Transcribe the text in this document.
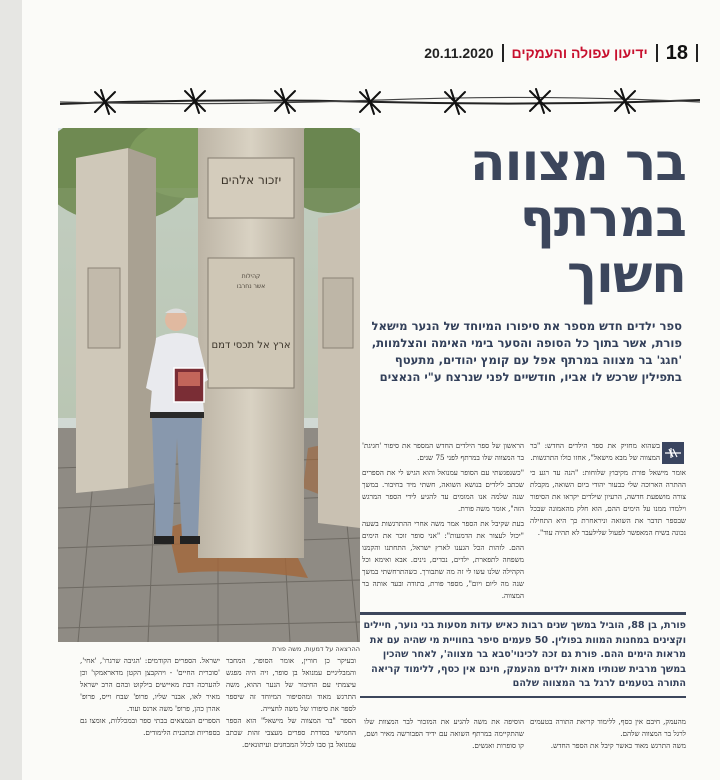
18
ידיעון עפולה והעמקים
20.11.2020
יזכור אלהים
קהילות
אשר נחרבו
ארץ אל תכסי דמם
ההרצאה על דמעות, משה פורת
בר מצווה
במרתף
חשוך
ספר ילדים חדש מספר את סיפורו המיוחד של הנער מישאל פורת, אשר בתוך כל הסופה והסער בימי האימה והצלמוות, 'חגג' בר מצווה במרתף אפל עם קומץ יהודים, מתעטף בתפילין שרכש לו אביו, חודשיים לפני שנרצח ע"י הנאצים

בשהוא מחזיק את ספר הילדים החדש: "בר המצווה של מבא מישאל", אחזו כולו התרגשות.

אומר מישאל פורת מקיבוץ שלוחות: "הנה עד רגע כי ההתרה הארוכה שלי כבעור יהודי ביום השואה, מקבלת צורה מושפעת חדשה, הרעיון שילדים יקראו את הסיפור וילמדו ממנו על הימים ההם, הוא חלק מהאמונה שבכל שבספר תדבר את השואה וניראחרת כך היא התחילה נכונה בשיח המאפשר לפעול שלילעבר לא תהיה עוד".

הראשון של ספר הילדים החדש המספר את סיפור 'חגיגת' בר המצווה שלו במרתף לפני 75 שנים.

"כשנפגשתי עם הסופר עמנואל והוא הגיש לי את הספרים שכתב לילדים בנושא השואה, חשתי מיד בחיבור. במשך שנה שלמה אנו המומים עד להגיע לידי הספר המרגש הזה", אומר משה פורת.

בעת שקיבל את הספר אמר משה אחרי ההתרגשות בשעה "יכול לעצור את הדמעות": "אני סופר זוכר את הימים ההם. לזהות הכל הגענו לארץ ישראל, התחתנו והקמנו משפחה לתפארת, ילדים, נכדים, נינים. אבא ואימא וכל הקהילה שלנו עשו לי זה מה שתבורך. כשהתרחשתי במשך שנה מה ליום ויום", מספר פורת, בתודה ובעד אותה בר המצווה.

פורת, בן 88, הוביל במשך שנים רבות כאיש עדות מסעות בני נוער, חיילים וקצינים במחנות המוות בפולין. 50 פעמים סיפר בחוויית מי שהיה עם את מראות הימים ההם. פורת גם זכה לכינוי'סבא בר מצווה', לאחר שהכין במשך מרבית שנותיו מאות ילדים מהעמק, חינם אין כסף, ללימוד קריאה התורה בטעמים לרגל בר המצווה שלהם

מהעמק, חיבם אין כסף, ללימוד קריאת התורה בטעמים לרגל בר המצווה שלהם.

משה התרגש מאוד כאשר קיבל את הספר החדש.

הוסיפה את משה להגיע את המזכור לבר המצוות שלו שהתקיימה במרתף השואה עם ידיד הפבורשה מאיר ושם, קו סופרות ואנשים.

ובעיקר כן חורין, אומר הסופר, המחבר והמבליגיים עמנואל בן סופר, זיה היה מפגש עיצמתי עם החיבור של הנער ההוא, משה התרגש מאוד ומהסיפור המיוחד זה שיספר לספר את סיפורו של משה לחצייה.

הספר "בר המצווה של מישאל" הוא הספר החמישי בסדרת ספרים מעצבי זהות שכתב עמנואל בן סבו לכלל המבחנים ועיתונאים.

ישראל. הספרים הקודמים: 'הגיבה שרגרו', 'אחי', 'סוכרית החיים' - ויהקבצן הקטן מדאראמקו' וכן להערכה דבת מאיישים בילקוט ובהם הרב ישראל מאיר לאו, אבנר שליו, פרופ' שבח וייס, פרופ' אהרן כהן, פרופ' משה ארנס ועוד.

הספרים הנמצאים בבתי ספר ובמכללות, אומצו גם בספריות ובתכנית הלימודים.
